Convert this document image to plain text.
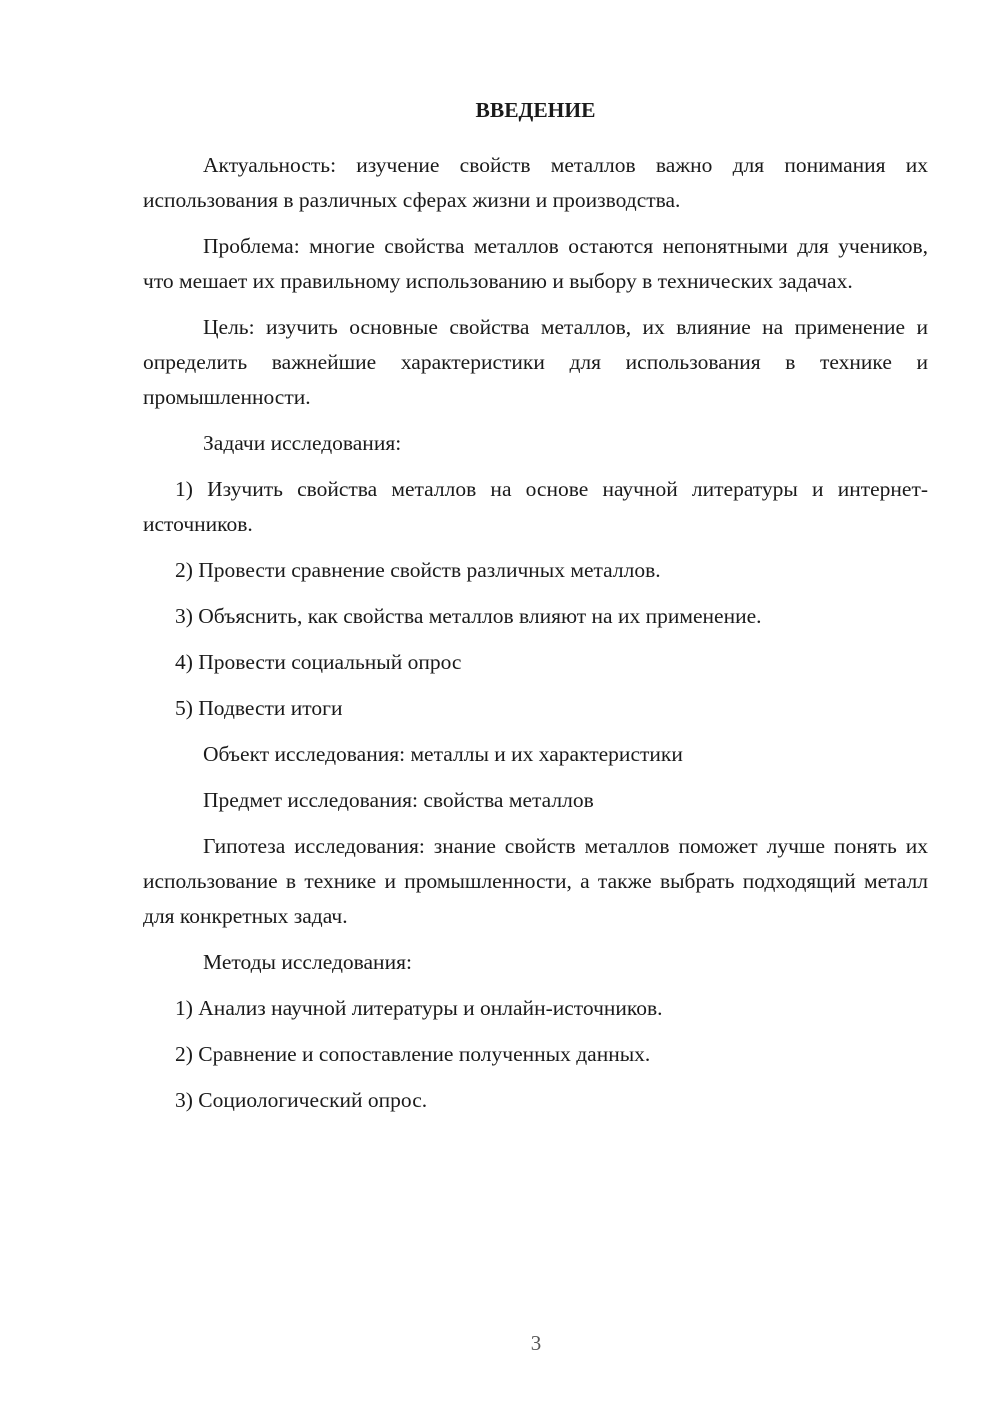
ВВЕДЕНИЕ

Актуальность: изучение свойств металлов важно для понимания их использования в различных сферах жизни и производства.

Проблема: многие свойства металлов остаются непонятными для учеников, что мешает их правильному использованию и выбору в технических задачах.

Цель: изучить основные свойства металлов, их влияние на применение и определить важнейшие характеристики для использования в технике и промышленности.

Задачи исследования:

1) Изучить свойства металлов на основе научной литературы и интернет-источников.

2) Провести сравнение свойств различных металлов.

3) Объяснить, как свойства металлов влияют на их применение.

4) Провести социальный опрос

5) Подвести итоги

Объект исследования: металлы и их характеристики

Предмет исследования: свойства металлов

Гипотеза исследования: знание свойств металлов поможет лучше понять их использование в технике и промышленности, а также выбрать подходящий металл для конкретных задач.

Методы исследования:

1) Анализ научной литературы и онлайн-источников.

2) Сравнение и сопоставление полученных данных.

3) Социологический опрос.

3
